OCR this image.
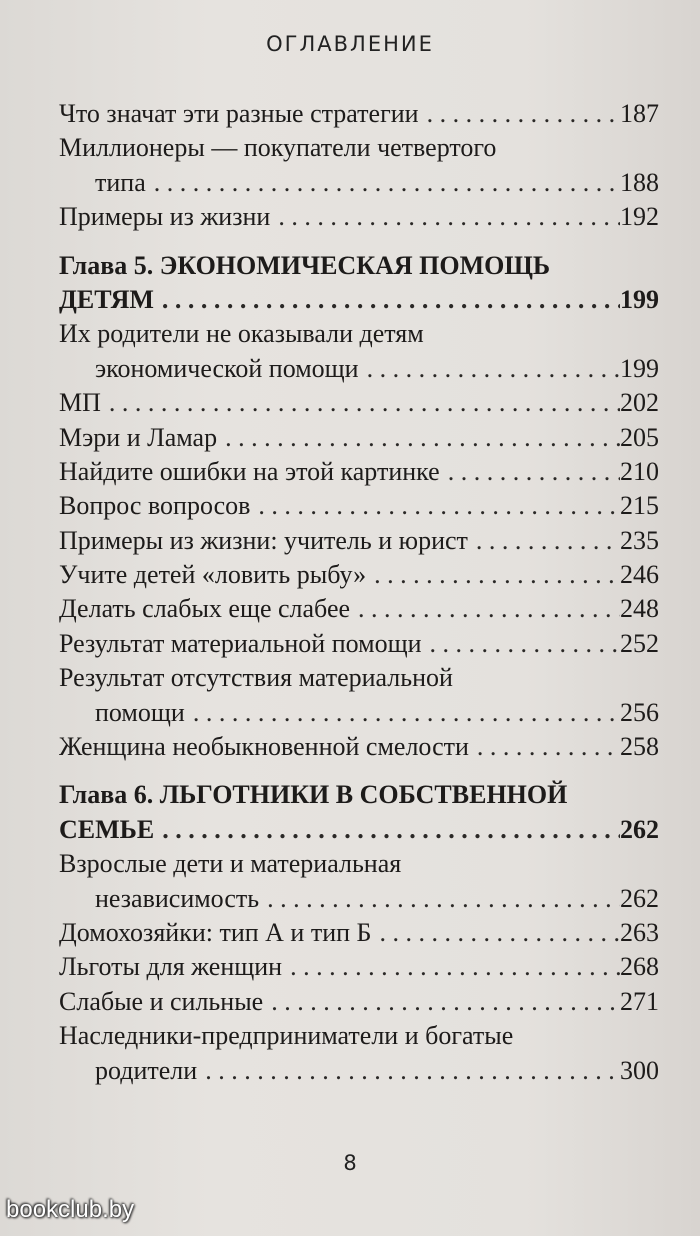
ОГЛАВЛЕНИЕ
Что значат эти разные стратегии . . .	187
Миллионеры — покупатели четвертого
типа . . .	188
Примеры из жизни . . .	192
Глава 5. ЭКОНОМИЧЕСКАЯ ПОМОЩЬ
ДЕТЯМ . . .	199
Их родители не оказывали детям
экономической помощи . . .	199
МП . . .	202
Мэри и Ламар . . .	205
Найдите ошибки на этой картинке . . .	210
Вопрос вопросов . . .	215
Примеры из жизни: учитель и юрист . . .	235
Учите детей «ловить рыбу» . . .	246
Делать слабых еще слабее . . .	248
Результат материальной помощи . . .	252
Результат отсутствия материальной
помощи . . .	256
Женщина необыкновенной смелости . . .	258
Глава 6. ЛЬГОТНИКИ В СОБСТВЕННОЙ
СЕМЬЕ . . .	262
Взрослые дети и материальная
независимость . . .	262
Домохозяйки: тип А и тип Б . . .	263
Льготы для женщин . . .	268
Слабые и сильные . . .	271
Наследники-предприниматели и богатые
родители . . .	300
8
bookclub.by
